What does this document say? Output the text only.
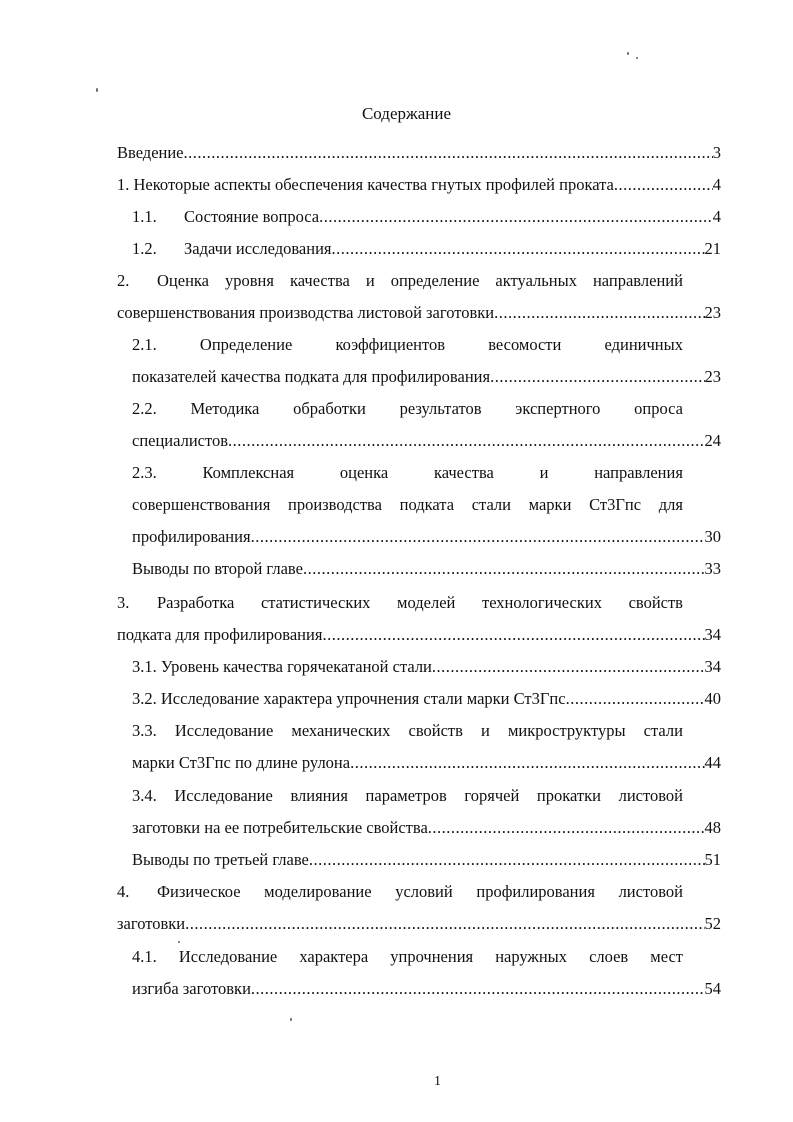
Содержание
Введение .....	3
1. Некоторые аспекты обеспечения качества гнутых профилей проката .....	4
1.1.	Состояние вопроса .....	4
1.2.	Задачи исследования .....	21
2.	Оценка уровня качества и определение актуальных направлений
совершенствования производства листовой заготовки .....	23
2.1.	Определение	коэффициентов	весомости	единичных
показателей качества подката для профилирования .....	23
2.2. Методика обработки результатов экспертного опроса
специалистов .....	24
2.3.	Комплексная	оценка	качества	и	направления
совершенствования производства подката стали марки Ст3Гпс для
профилирования .....	30
Выводы по второй главе .....	33
3.	Разработка статистических моделей технологических свойств
подката для профилирования .....	34
3.1. Уровень качества горячекатаной стали .....	34
3.2. Исследование характера упрочнения стали марки Ст3Гпс .....	40
3.3. Исследование механических свойств и микроструктуры стали
марки Ст3Гпс по длине рулона .....	44
3.4. Исследование влияния параметров горячей прокатки листовой
заготовки на ее потребительские свойства .....	48
Выводы по третьей главе .....	51
4.	Физическое моделирование условий профилирования листовой
заготовки .....	52
4.1. Исследование характера упрочнения наружных слоев мест
изгиба заготовки .....	54
1
